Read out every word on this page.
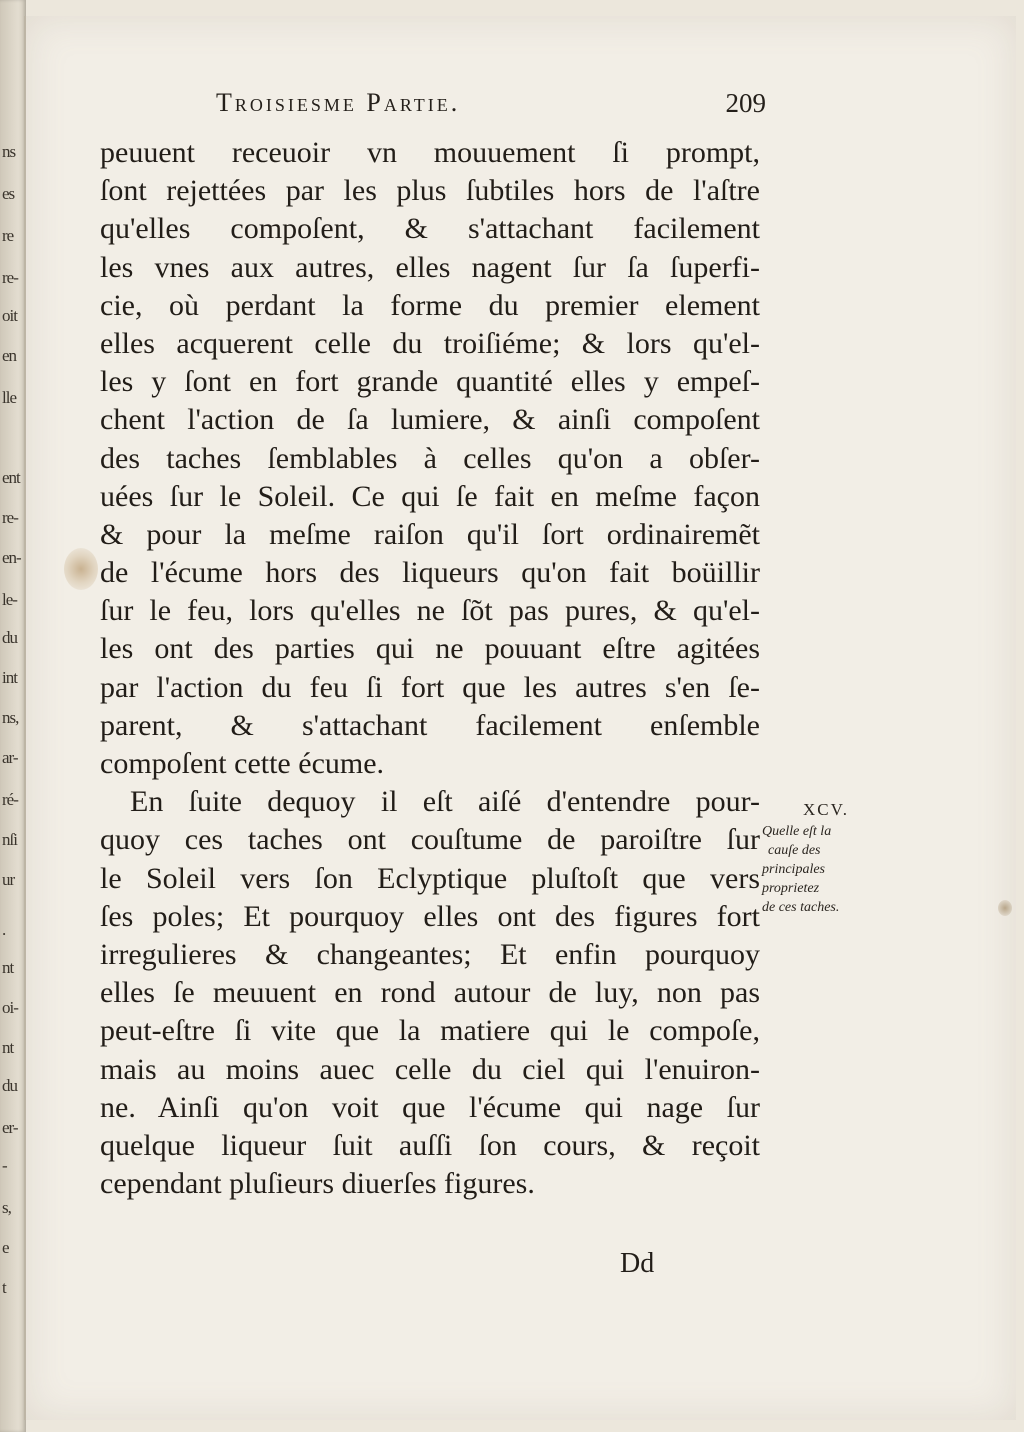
ns
es
re
re-
oit
en
lle
ent
re-
en-
le-
du
int
ns,
ar-
ré-
nſi
ur
.
nt
oi-
nt
du
er-
-
s,
e
t
Troisiesme Partie.	209
peuuent receuoir vn mouuement ſi prompt,
ſont rejettées par les plus ſubtiles hors de l'aſtre
qu'elles compoſent, & s'attachant facilement
les vnes aux autres, elles nagent ſur ſa ſuperfi-
cie, où perdant la forme du premier element
elles acquerent celle du troiſiéme; & lors qu'el-
les y ſont en fort grande quantité elles y empeſ-
chent l'action de ſa lumiere, & ainſi compoſent
des taches ſemblables à celles qu'on a obſer-
uées ſur le Soleil. Ce qui ſe fait en meſme façon
& pour la meſme raiſon qu'il ſort ordinairemẽt
de l'écume hors des liqueurs qu'on fait boüillir
ſur le feu, lors qu'elles ne ſõt pas pures, & qu'el-
les ont des parties qui ne pouuant eſtre agitées
par l'action du feu ſi fort que les autres s'en ſe-
parent, & s'attachant facilement enſemble
compoſent cette écume.
En ſuite dequoy il eſt aiſé d'entendre pour-
quoy ces taches ont couſtume de paroiſtre ſur
le Soleil vers ſon Eclyptique pluſtoſt que vers
ſes poles; Et pourquoy elles ont des figures fort
irregulieres & changeantes; Et enfin pourquoy
elles ſe meuuent en rond autour de luy, non pas
peut-eſtre ſi vite que la matiere qui le compoſe,
mais au moins auec celle du ciel qui l'enuiron-
ne. Ainſi qu'on voit que l'écume qui nage ſur
quelque liqueur ſuit auſſi ſon cours, & reçoit
cependant pluſieurs diuerſes figures.
XCV.
Quelle eſt la
cauſe des
principales
proprietez
de ces taches.
Dd
